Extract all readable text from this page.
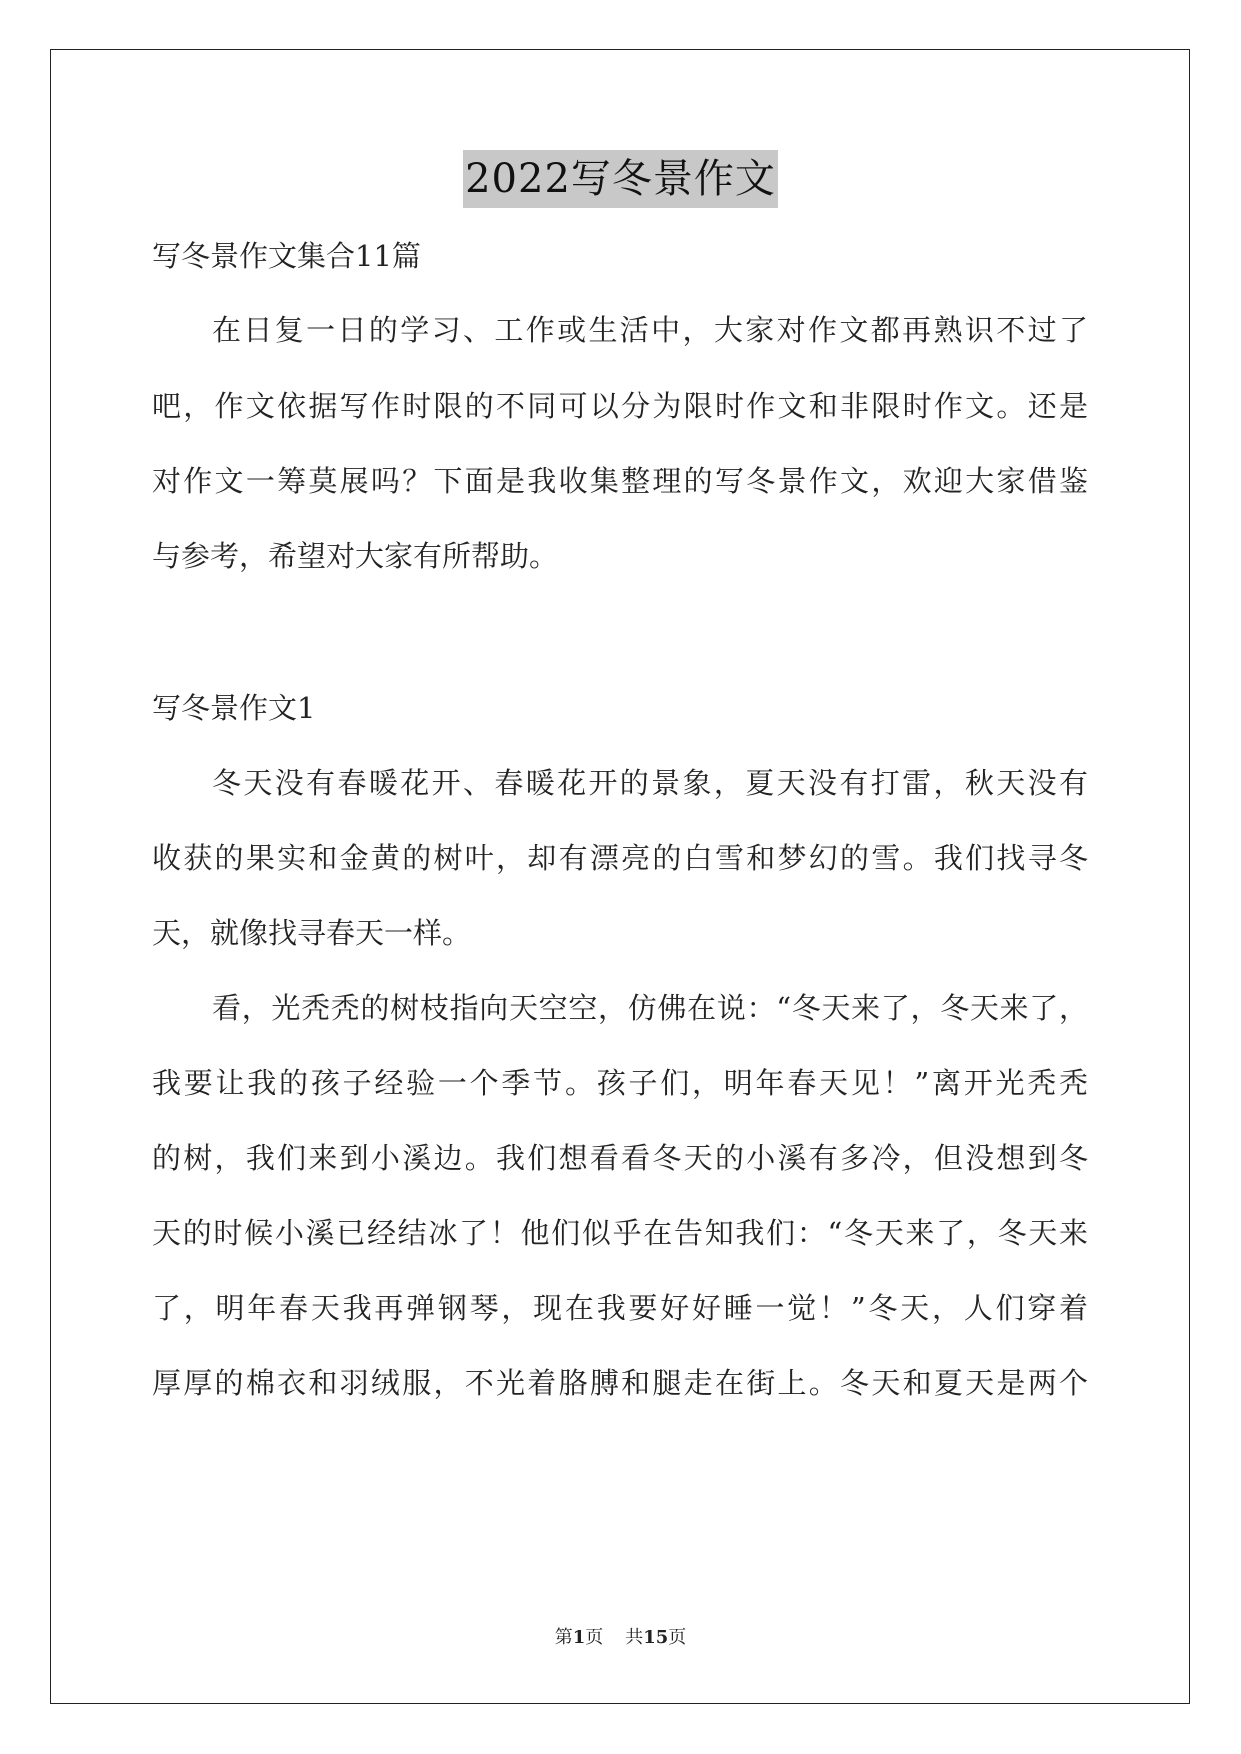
2022写冬景作文
写冬景作文集合11篇
在日复一日的学习、工作或生活中，大家对作文都再熟识不过了
吧，作文依据写作时限的不同可以分为限时作文和非限时作文。还是
对作文一筹莫展吗？下面是我收集整理的写冬景作文，欢迎大家借鉴
与参考，希望对大家有所帮助。
写冬景作文1
冬天没有春暖花开、春暖花开的景象，夏天没有打雷，秋天没有
收获的果实和金黄的树叶，却有漂亮的白雪和梦幻的雪。我们找寻冬
天，就像找寻春天一样。
看，光秃秃的树枝指向天空空，仿佛在说：“冬天来了，冬天来了，
我要让我的孩子经验一个季节。孩子们，明年春天见！”离开光秃秃
的树，我们来到小溪边。我们想看看冬天的小溪有多冷，但没想到冬
天的时候小溪已经结冰了！他们似乎在告知我们：“冬天来了，冬天来
了，明年春天我再弹钢琴，现在我要好好睡一觉！”冬天，人们穿着
厚厚的棉衣和羽绒服，不光着胳膊和腿走在街上。冬天和夏天是两个
第1页 共15页
